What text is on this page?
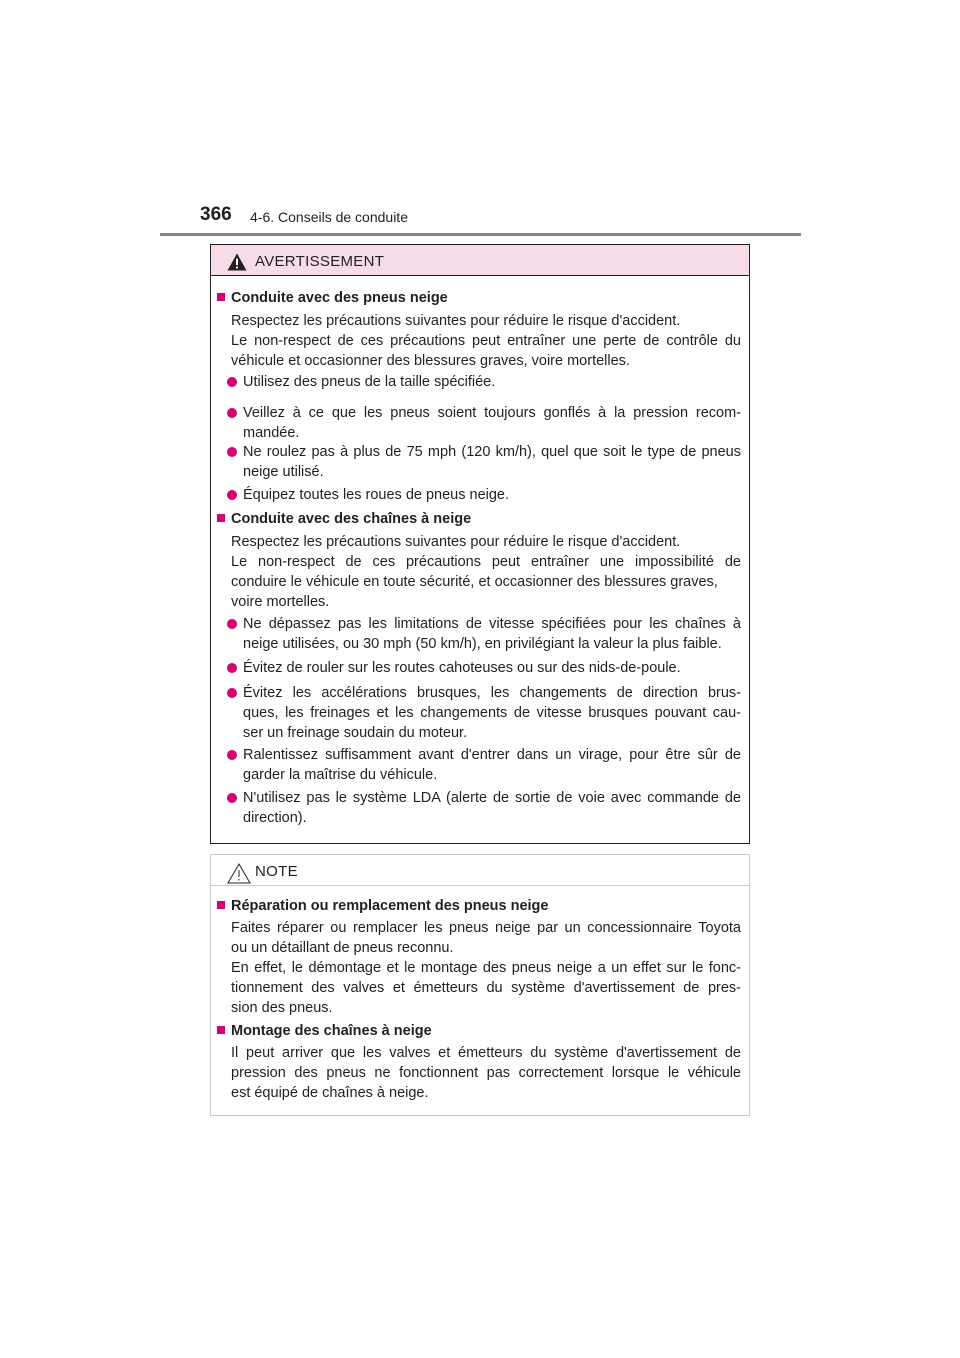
366 4-6. Conseils de conduite
AVERTISSEMENT
Conduite avec des pneus neige
Respectez les précautions suivantes pour réduire le risque d'accident.
Le non-respect de ces précautions peut entraîner une perte de contrôle du
véhicule et occasionner des blessures graves, voire mortelles.
Utilisez des pneus de la taille spécifiée.
Veillez à ce que les pneus soient toujours gonflés à la pression recom-
mandée.
Ne roulez pas à plus de 75 mph (120 km/h), quel que soit le type de pneus
neige utilisé.
Équipez toutes les roues de pneus neige.
Conduite avec des chaînes à neige
Respectez les précautions suivantes pour réduire le risque d'accident.
Le non-respect de ces précautions peut entraîner une impossibilité de
conduire le véhicule en toute sécurité, et occasionner des blessures graves,
voire mortelles.
Ne dépassez pas les limitations de vitesse spécifiées pour les chaînes à
neige utilisées, ou 30 mph (50 km/h), en privilégiant la valeur la plus faible.
Évitez de rouler sur les routes cahoteuses ou sur des nids-de-poule.
Évitez les accélérations brusques, les changements de direction brus-
ques, les freinages et les changements de vitesse brusques pouvant cau-
ser un freinage soudain du moteur.
Ralentissez suffisamment avant d'entrer dans un virage, pour être sûr de
garder la maîtrise du véhicule.
N'utilisez pas le système LDA (alerte de sortie de voie avec commande de
direction).
NOTE
Réparation ou remplacement des pneus neige
Faites réparer ou remplacer les pneus neige par un concessionnaire Toyota
ou un détaillant de pneus reconnu.
En effet, le démontage et le montage des pneus neige a un effet sur le fonc-
tionnement des valves et émetteurs du système d'avertissement de pres-
sion des pneus.
Montage des chaînes à neige
Il peut arriver que les valves et émetteurs du système d'avertissement de
pression des pneus ne fonctionnent pas correctement lorsque le véhicule
est équipé de chaînes à neige.
